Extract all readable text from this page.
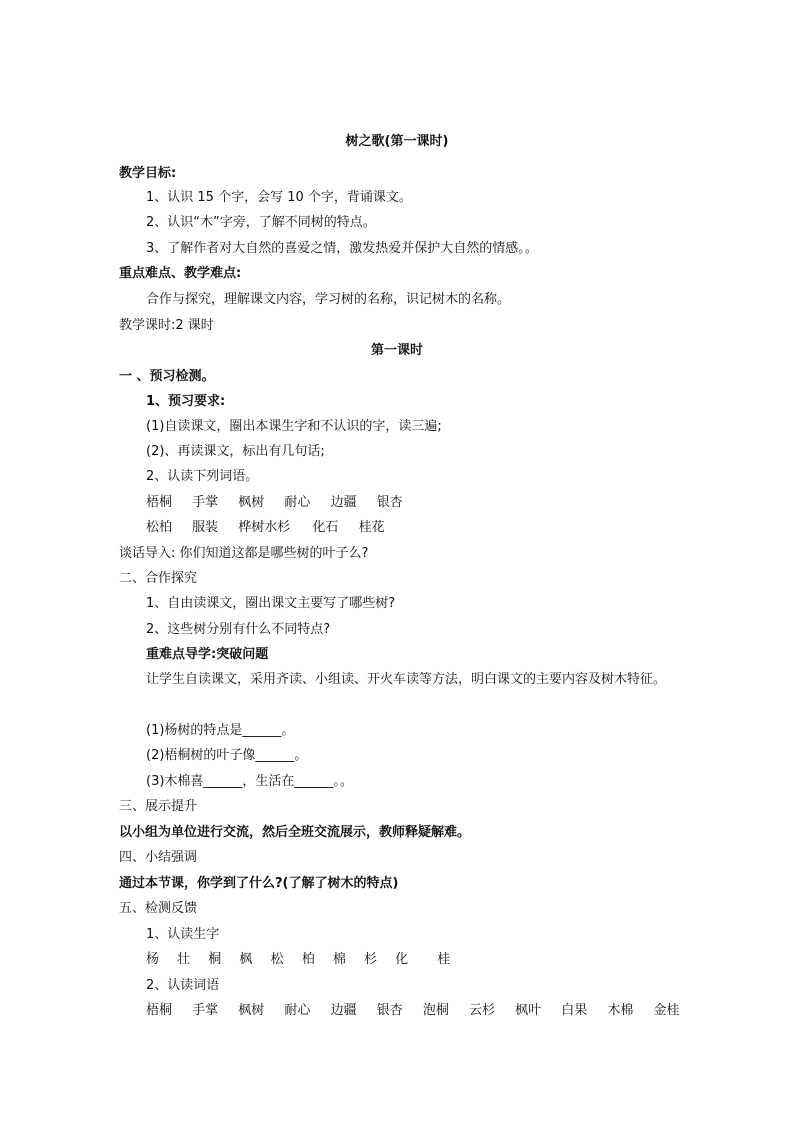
树之歌(第一课时)
教学目标:
1、认识 15 个字，会写 10 个字，背诵课文。
2、认识“木”字旁，了解不同树的特点。
3、了解作者对大自然的喜爱之情，激发热爱并保护大自然的情感。。
重点难点、教学难点:
合作与探究，理解课文内容，学习树的名称，识记树木的名称。
教学课时:2 课时
第一课时
一 、预习检测。
1、预习要求:
(1)自读课文，圈出本课生字和不认识的字，读三遍;
(2)、再读课文，标出有几句话;
2、认读下列词语。
梧桐 手掌 枫树 耐心 边疆 银杏
松柏 服装 桦树水杉 化石 桂花
谈话导入: 你们知道这都是哪些树的叶子么?
二、合作探究
1、自由读课文，圈出课文主要写了哪些树?
2、这些树分别有什么不同特点?
重难点导学:突破问题
让学生自读课文，采用齐读、小组读、开火车读等方法，明白课文的主要内容及树木特征。
(1)杨树的特点是______。
(2)梧桐树的叶子像______。
(3)木棉喜______，生活在______。。
三、展示提升
以小组为单位进行交流，然后全班交流展示，教师释疑解难。
四、小结强调
通过本节课，你学到了什么?(了解了树木的特点)
五、检测反馈
1、认读生字
杨 壮 桐 枫 松 柏 棉 杉 化 桂
2、认读词语
梧桐 手掌 枫树 耐心 边疆 银杏 泡桐 云杉 枫叶 白果 木棉 金桂
